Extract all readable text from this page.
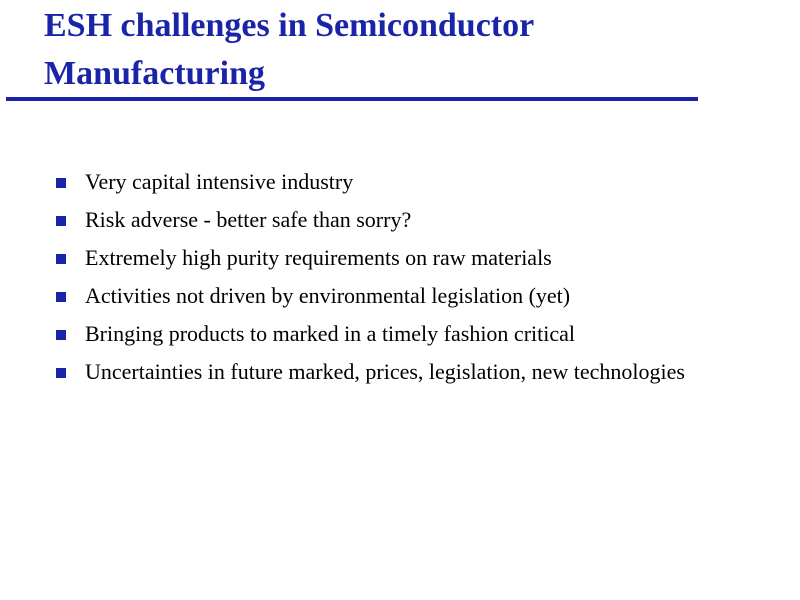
ESH challenges in Semiconductor Manufacturing
Very capital intensive industry
Risk adverse - better safe than sorry?
Extremely high purity requirements on raw materials
Activities not driven by environmental legislation (yet)
Bringing products to marked in a timely fashion critical
Uncertainties in future marked, prices, legislation, new technologies
